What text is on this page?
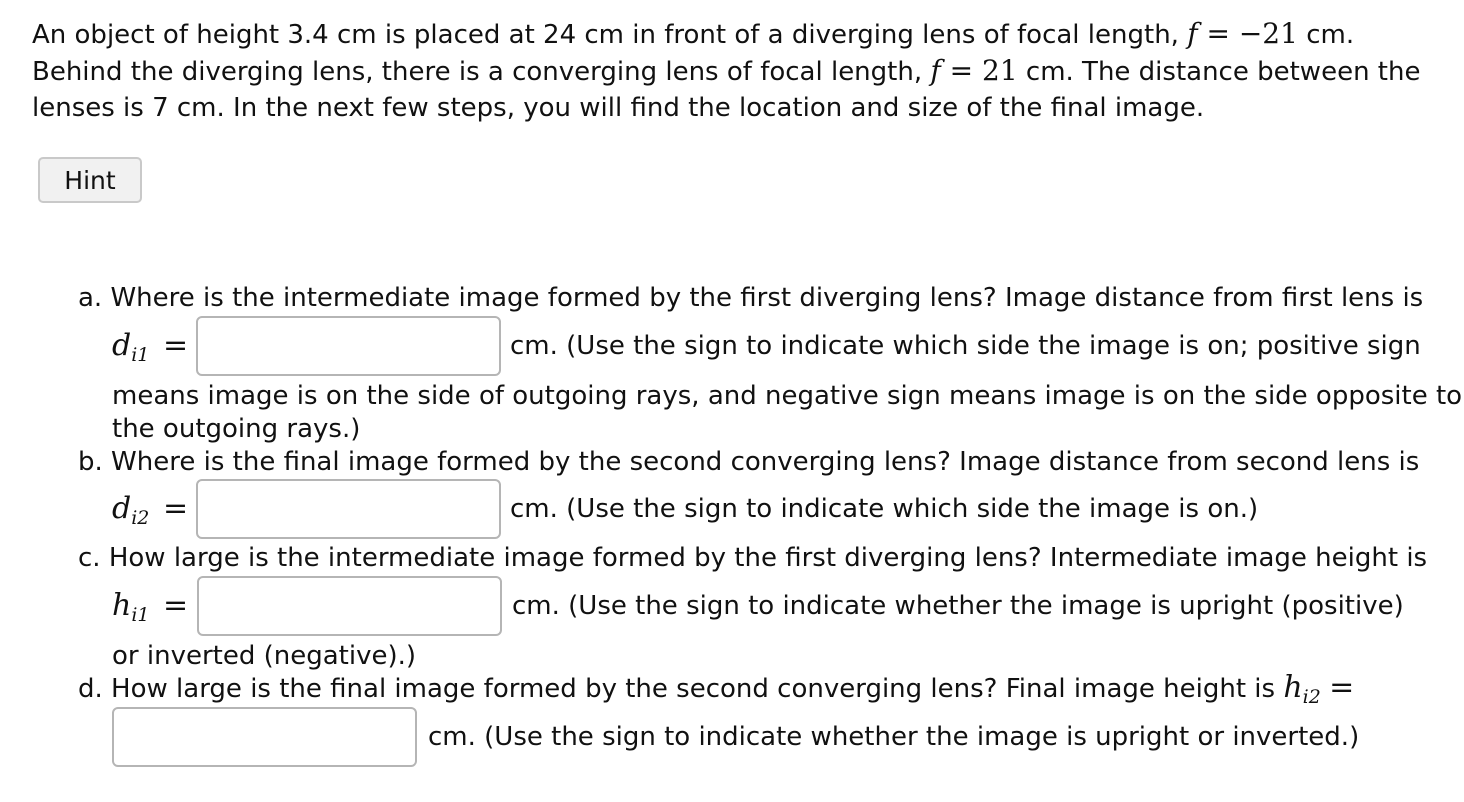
An object of height 3.4 cm is placed at 24 cm in front of a diverging lens of focal length, f = −21 cm.
Behind the diverging lens, there is a converging lens of focal length, f = 21 cm. The distance between the
lenses is 7 cm. In the next few steps, you will find the location and size of the final image.
Hint
a. Where is the intermediate image formed by the first diverging lens? Image distance from first lens is
$d_{i1}$ =	cm. (Use the sign to indicate which side the image is on; positive sign
means image is on the side of outgoing rays, and negative sign means image is on the side opposite to
the outgoing rays.)
b. Where is the final image formed by the second converging lens? Image distance from second lens is
$d_{i2}$ =	cm. (Use the sign to indicate which side the image is on.)
c. How large is the intermediate image formed by the first diverging lens? Intermediate image height is
$h_{i1}$ =	cm. (Use the sign to indicate whether the image is upright (positive)
or inverted (negative).)
d. How large is the final image formed by the second converging lens? Final image height is $h_{i2}$ =
cm. (Use the sign to indicate whether the image is upright or inverted.)
